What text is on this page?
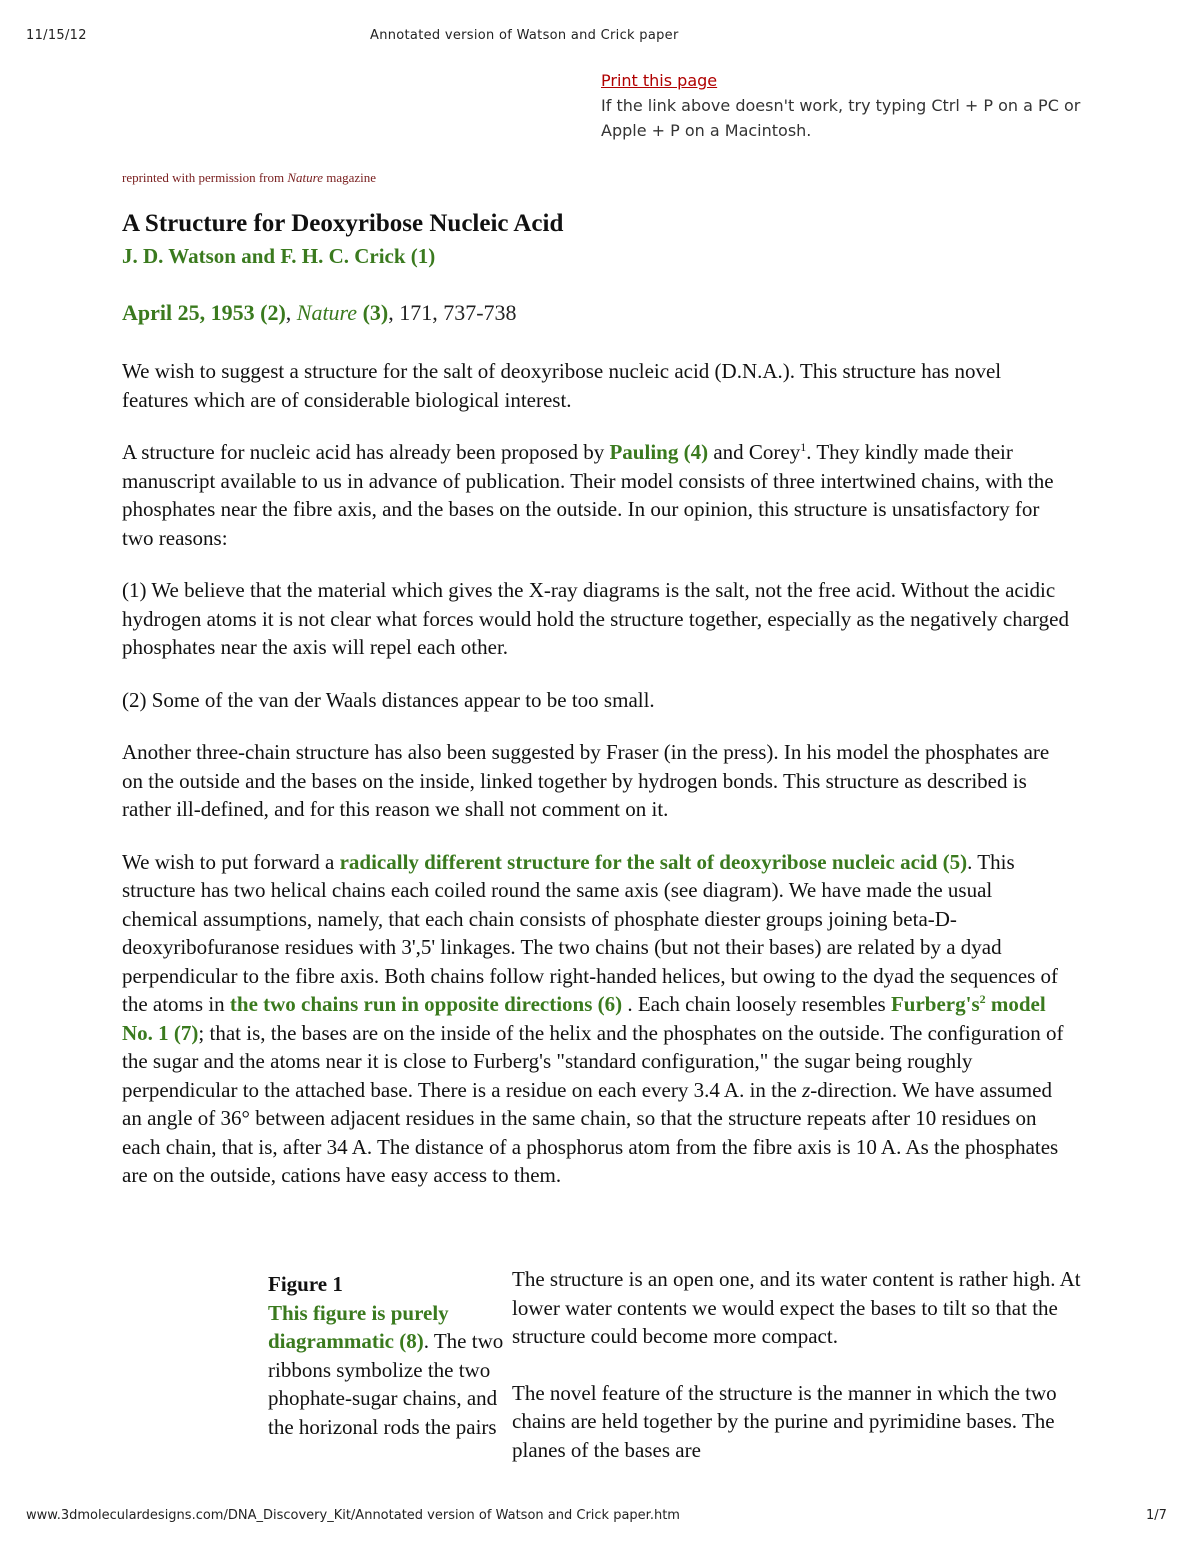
11/15/12	Annotated version of Watson and Crick paper
Print this page
If the link above doesn't work, try typing Ctrl + P on a PC or Apple + P on a Macintosh.
reprinted with permission from Nature magazine
A Structure for Deoxyribose Nucleic Acid
J. D. Watson and F. H. C. Crick (1)
April 25, 1953 (2), Nature (3), 171, 737-738

We wish to suggest a structure for the salt of deoxyribose nucleic acid (D.N.A.). This structure has novel features which are of considerable biological interest.

A structure for nucleic acid has already been proposed by Pauling (4) and Corey$^1$. They kindly made their manuscript available to us in advance of publication. Their model consists of three intertwined chains, with the phosphates near the fibre axis, and the bases on the outside. In our opinion, this structure is unsatisfactory for two reasons:

(1) We believe that the material which gives the X-ray diagrams is the salt, not the free acid. Without the acidic hydrogen atoms it is not clear what forces would hold the structure together, especially as the negatively charged phosphates near the axis will repel each other.

(2) Some of the van der Waals distances appear to be too small.

Another three-chain structure has also been suggested by Fraser (in the press). In his model the phosphates are on the outside and the bases on the inside, linked together by hydrogen bonds. This structure as described is rather ill-defined, and for this reason we shall not comment on it.

We wish to put forward a radically different structure for the salt of deoxyribose nucleic acid (5). This structure has two helical chains each coiled round the same axis (see diagram). We have made the usual chemical assumptions, namely, that each chain consists of phosphate diester groups joining beta-D-deoxyribofuranose residues with 3',5' linkages. The two chains (but not their bases) are related by a dyad perpendicular to the fibre axis. Both chains follow right-handed helices, but owing to the dyad the sequences of the atoms in the two chains run in opposite directions (6) . Each chain loosely resembles $Furberg's^2$ model No. 1 (7); that is, the bases are on the inside of the helix and the phosphates on the outside. The configuration of the sugar and the atoms near it is close to Furberg's "standard configuration," the sugar being roughly perpendicular to the attached base. There is a residue on each every 3.4 A. in the z-direction. We have assumed an angle of 36° between adjacent residues in the same chain, so that the structure repeats after 10 residues on each chain, that is, after 34 A. The distance of a phosphorus atom from the fibre axis is 10 A. As the phosphates are on the outside, cations have easy access to them.

Figure 1
This figure is purely diagrammatic (8). The two ribbons symbolize the two phophate-sugar chains, and the horizonal rods the pairs

The structure is an open one, and its water content is rather high. At lower water contents we would expect the bases to tilt so that the structure could become more compact.

The novel feature of the structure is the manner in which the two chains are held together by the purine and pyrimidine bases. The planes of the bases are

www.3dmoleculardesigns.com/DNA_Discovery_Kit/Annotated version of Watson and Crick paper.htm	1/7
